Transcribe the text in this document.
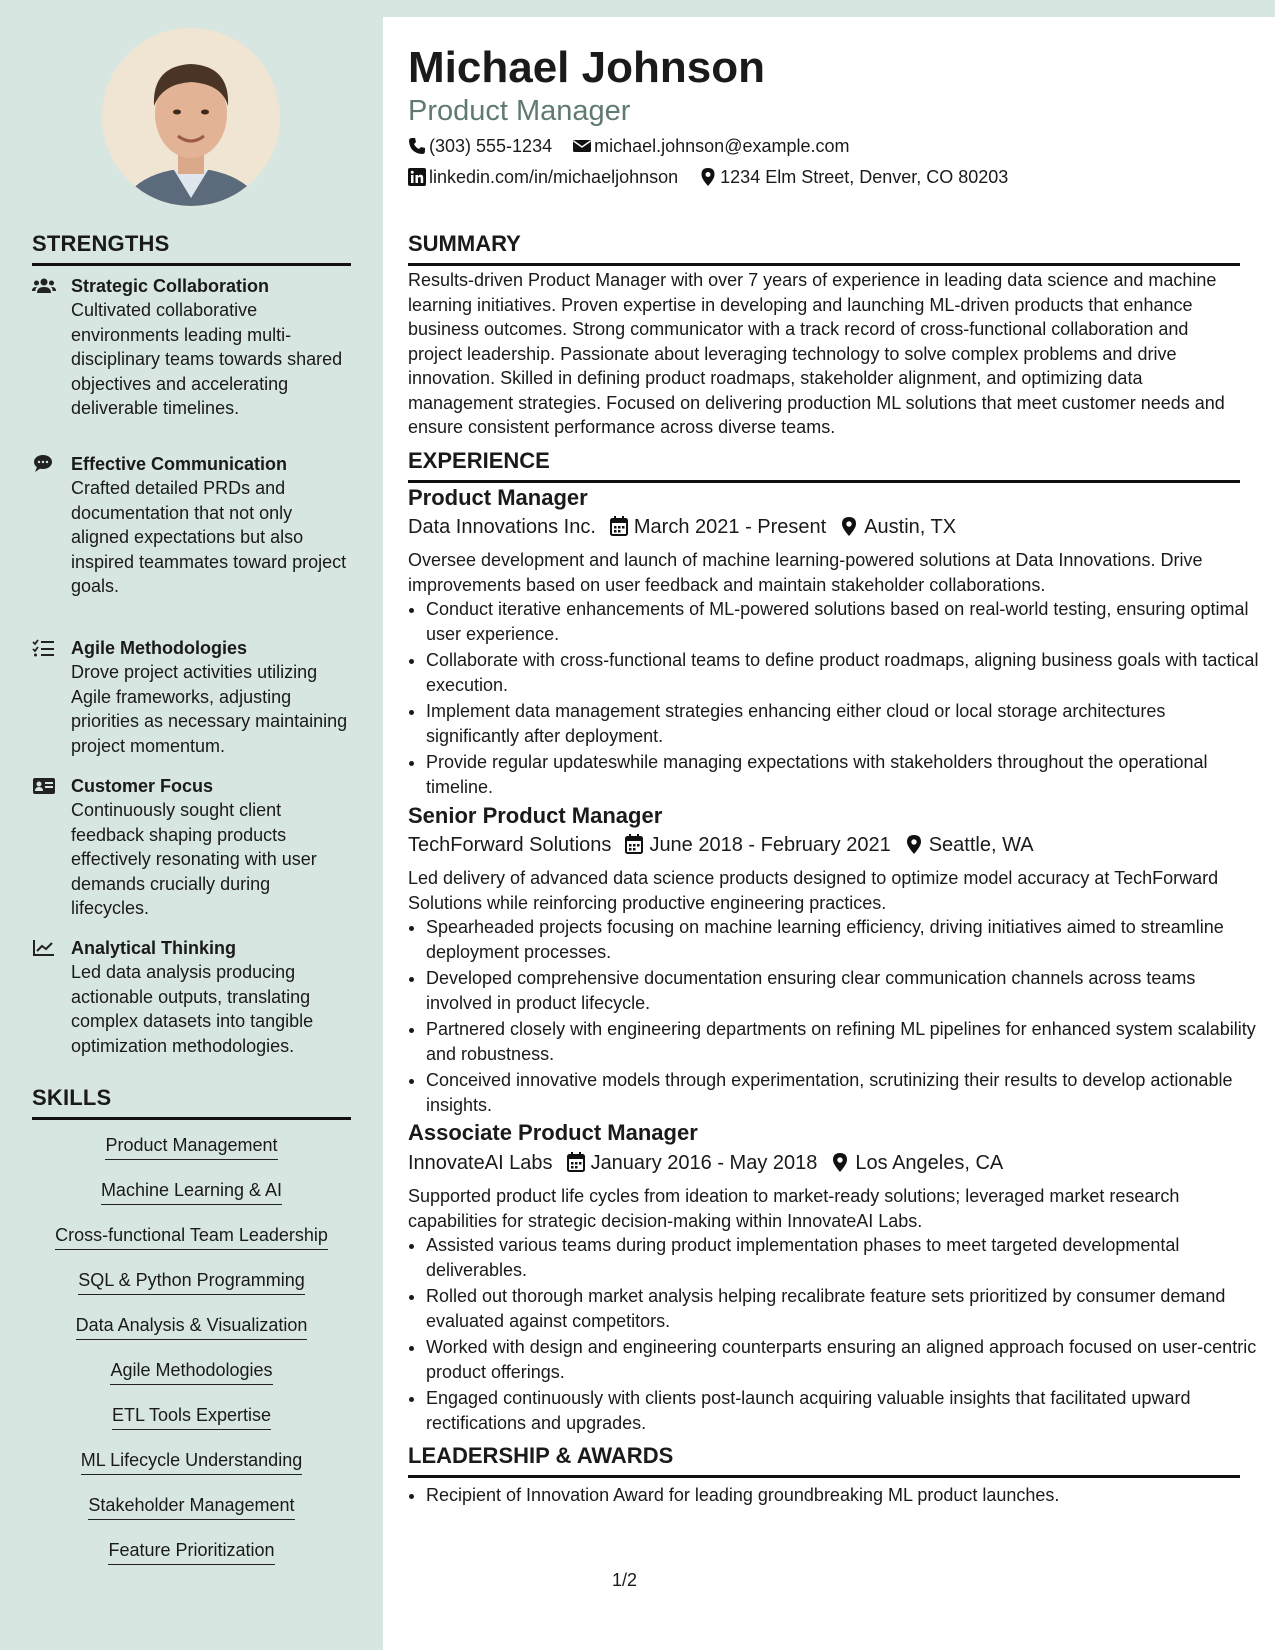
STRENGTHS
Strategic Collaboration
Cultivated collaborative environments leading multi-disciplinary teams towards shared objectives and accelerating deliverable timelines.
Effective Communication
Crafted detailed PRDs and documentation that not only aligned expectations but also inspired teammates toward project goals.
Agile Methodologies
Drove project activities utilizing Agile frameworks, adjusting priorities as necessary maintaining project momentum.
Customer Focus
Continuously sought client feedback shaping products effectively resonating with user demands crucially during lifecycles.
Analytical Thinking
Led data analysis producing actionable outputs, translating complex datasets into tangible optimization methodologies.
SKILLS
Product Management
Machine Learning & AI
Cross-functional Team Leadership
SQL & Python Programming
Data Analysis & Visualization
Agile Methodologies
ETL Tools Expertise
ML Lifecycle Understanding
Stakeholder Management
Feature Prioritization
Michael Johnson
Product Manager
(303) 555-1234 michael.johnson@example.com
linkedin.com/in/michaeljohnson 1234 Elm Street, Denver, CO 80203
SUMMARY
Results-driven Product Manager with over 7 years of experience in leading data science and machine learning initiatives. Proven expertise in developing and launching ML-driven products that enhance business outcomes. Strong communicator with a track record of cross-functional collaboration and project leadership. Passionate about leveraging technology to solve complex problems and drive innovation. Skilled in defining product roadmaps, stakeholder alignment, and optimizing data management strategies. Focused on delivering production ML solutions that meet customer needs and ensure consistent performance across diverse teams.
EXPERIENCE
Product Manager
Data Innovations Inc. March 2021 - Present Austin, TX
Oversee development and launch of machine learning-powered solutions at Data Innovations. Drive improvements based on user feedback and maintain stakeholder collaborations.
• Conduct iterative enhancements of ML-powered solutions based on real-world testing, ensuring optimal user experience.
• Collaborate with cross-functional teams to define product roadmaps, aligning business goals with tactical execution.
• Implement data management strategies enhancing either cloud or local storage architectures significantly after deployment.
• Provide regular updateswhile managing expectations with stakeholders throughout the operational timeline.
Senior Product Manager
TechForward Solutions June 2018 - February 2021 Seattle, WA
Led delivery of advanced data science products designed to optimize model accuracy at TechForward Solutions while reinforcing productive engineering practices.
• Spearheaded projects focusing on machine learning efficiency, driving initiatives aimed to streamline deployment processes.
• Developed comprehensive documentation ensuring clear communication channels across teams involved in product lifecycle.
• Partnered closely with engineering departments on refining ML pipelines for enhanced system scalability and robustness.
• Conceived innovative models through experimentation, scrutinizing their results to develop actionable insights.
Associate Product Manager
InnovateAI Labs January 2016 - May 2018 Los Angeles, CA
Supported product life cycles from ideation to market-ready solutions; leveraged market research capabilities for strategic decision-making within InnovateAI Labs.
• Assisted various teams during product implementation phases to meet targeted developmental deliverables.
• Rolled out thorough market analysis helping recalibrate feature sets prioritized by consumer demand evaluated against competitors.
• Worked with design and engineering counterparts ensuring an aligned approach focused on user-centric product offerings.
• Engaged continuously with clients post-launch acquiring valuable insights that facilitated upward rectifications and upgrades.
LEADERSHIP & AWARDS
• Recipient of Innovation Award for leading groundbreaking ML product launches.
1/2
